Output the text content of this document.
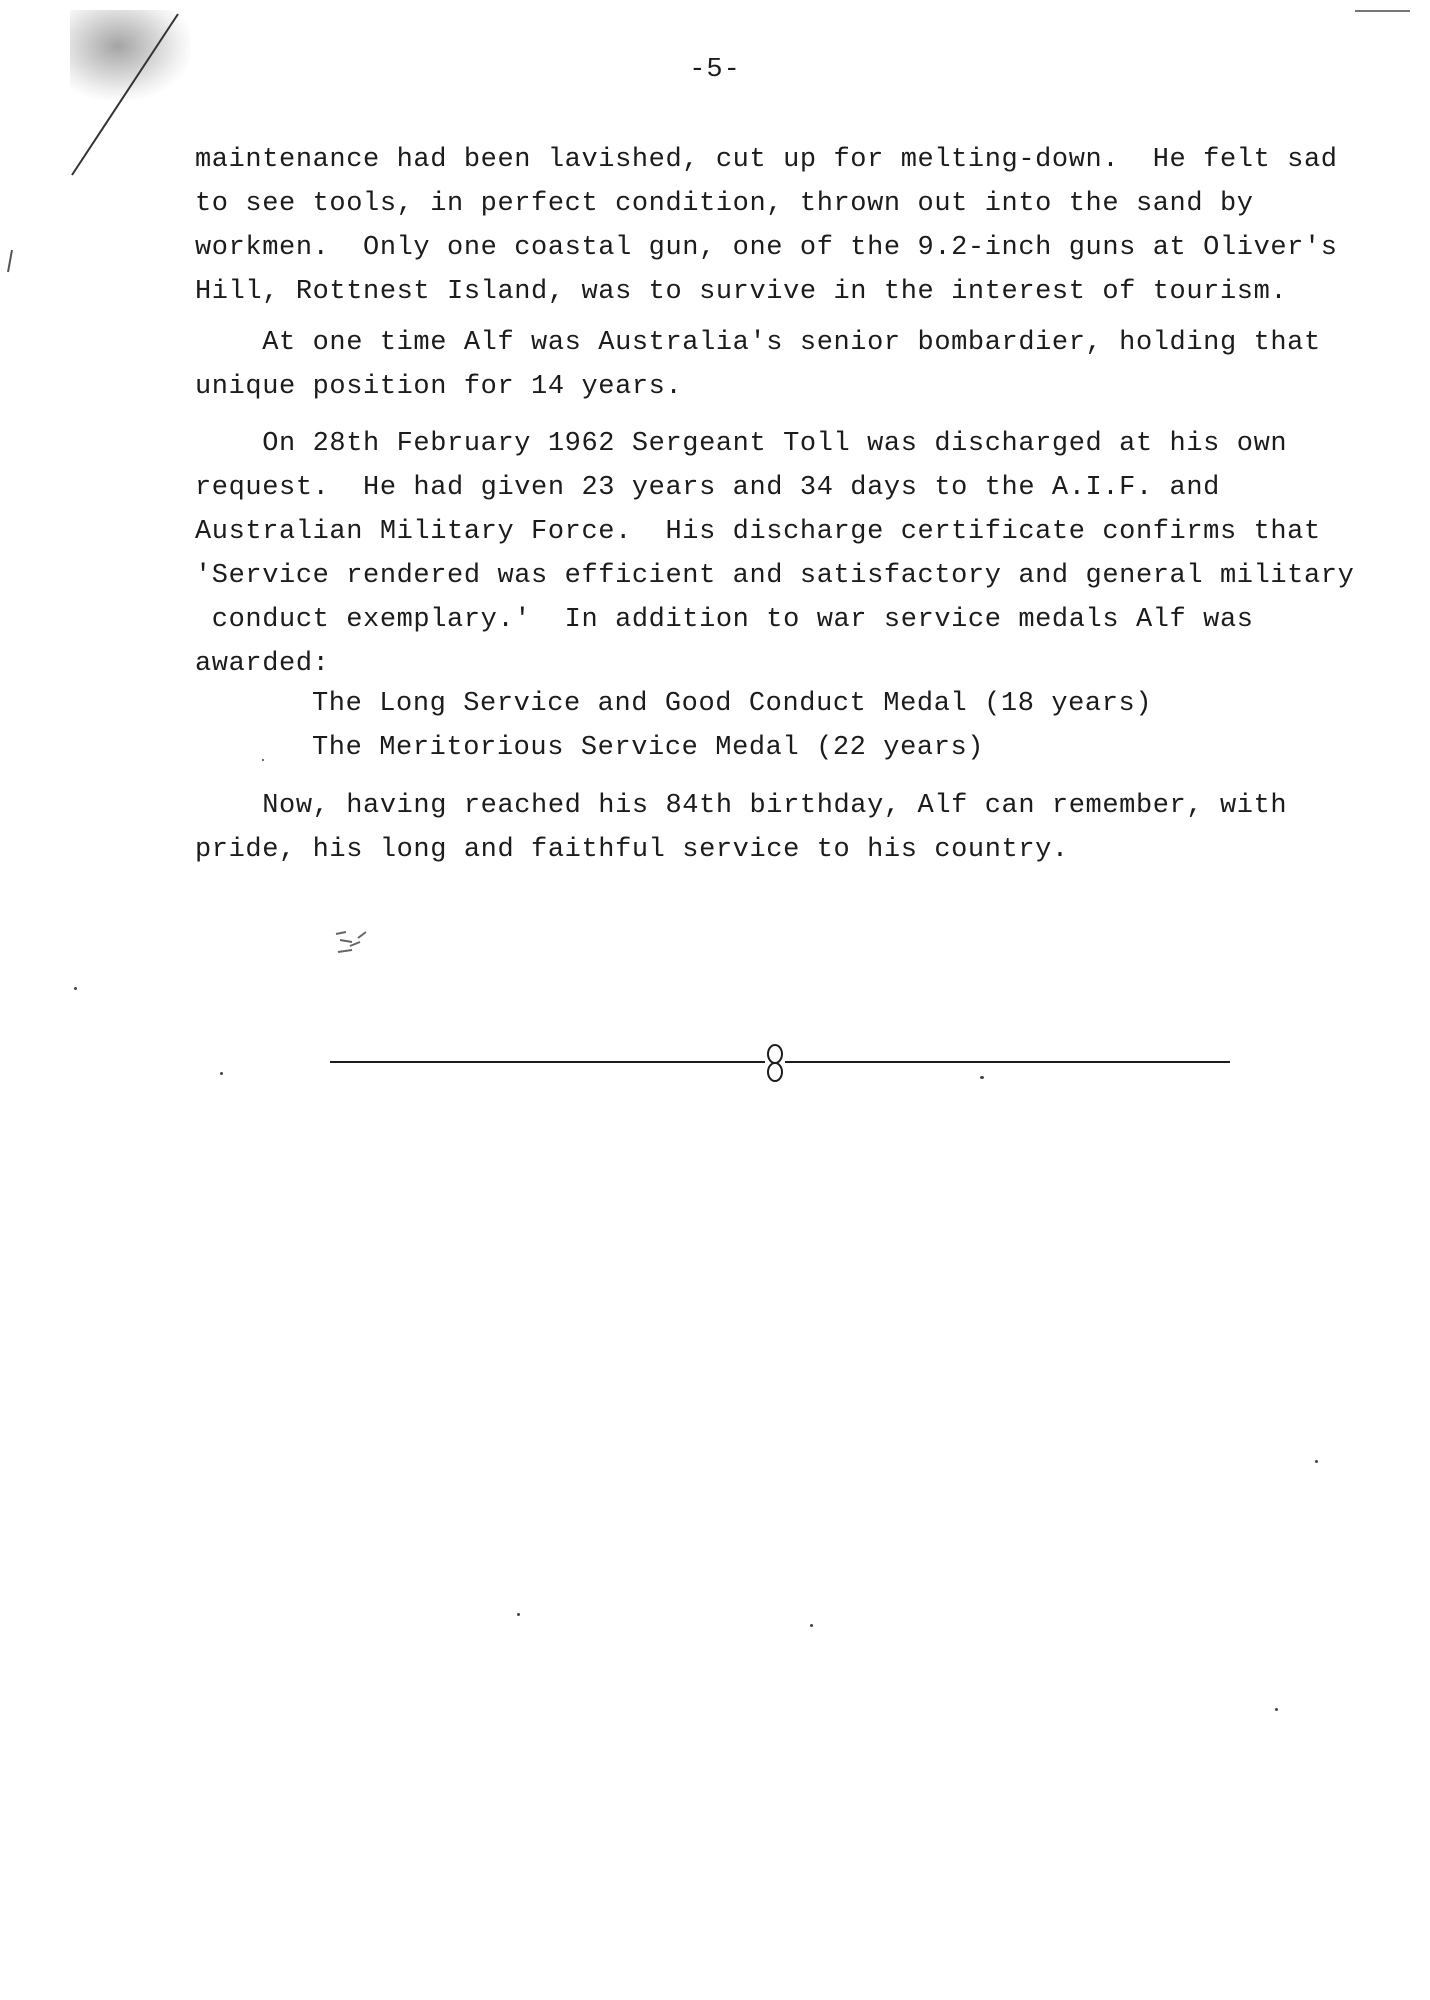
-5-
maintenance had been lavished, cut up for melting-down.  He felt sad
to see tools, in perfect condition, thrown out into the sand by
workmen.  Only one coastal gun, one of the 9.2-inch guns at Oliver's
Hill, Rottnest Island, was to survive in the interest of tourism.
At one time Alf was Australia's senior bombardier, holding that
unique position for 14 years.
On 28th February 1962 Sergeant Toll was discharged at his own
request.  He had given 23 years and 34 days to the A.I.F. and
Australian Military Force.  His discharge certificate confirms that
'Service rendered was efficient and satisfactory and general military
conduct exemplary.'  In addition to war service medals Alf was
awarded:
The Long Service and Good Conduct Medal (18 years)
The Meritorious Service Medal (22 years)
Now, having reached his 84th birthday, Alf can remember, with
pride, his long and faithful service to his country.
